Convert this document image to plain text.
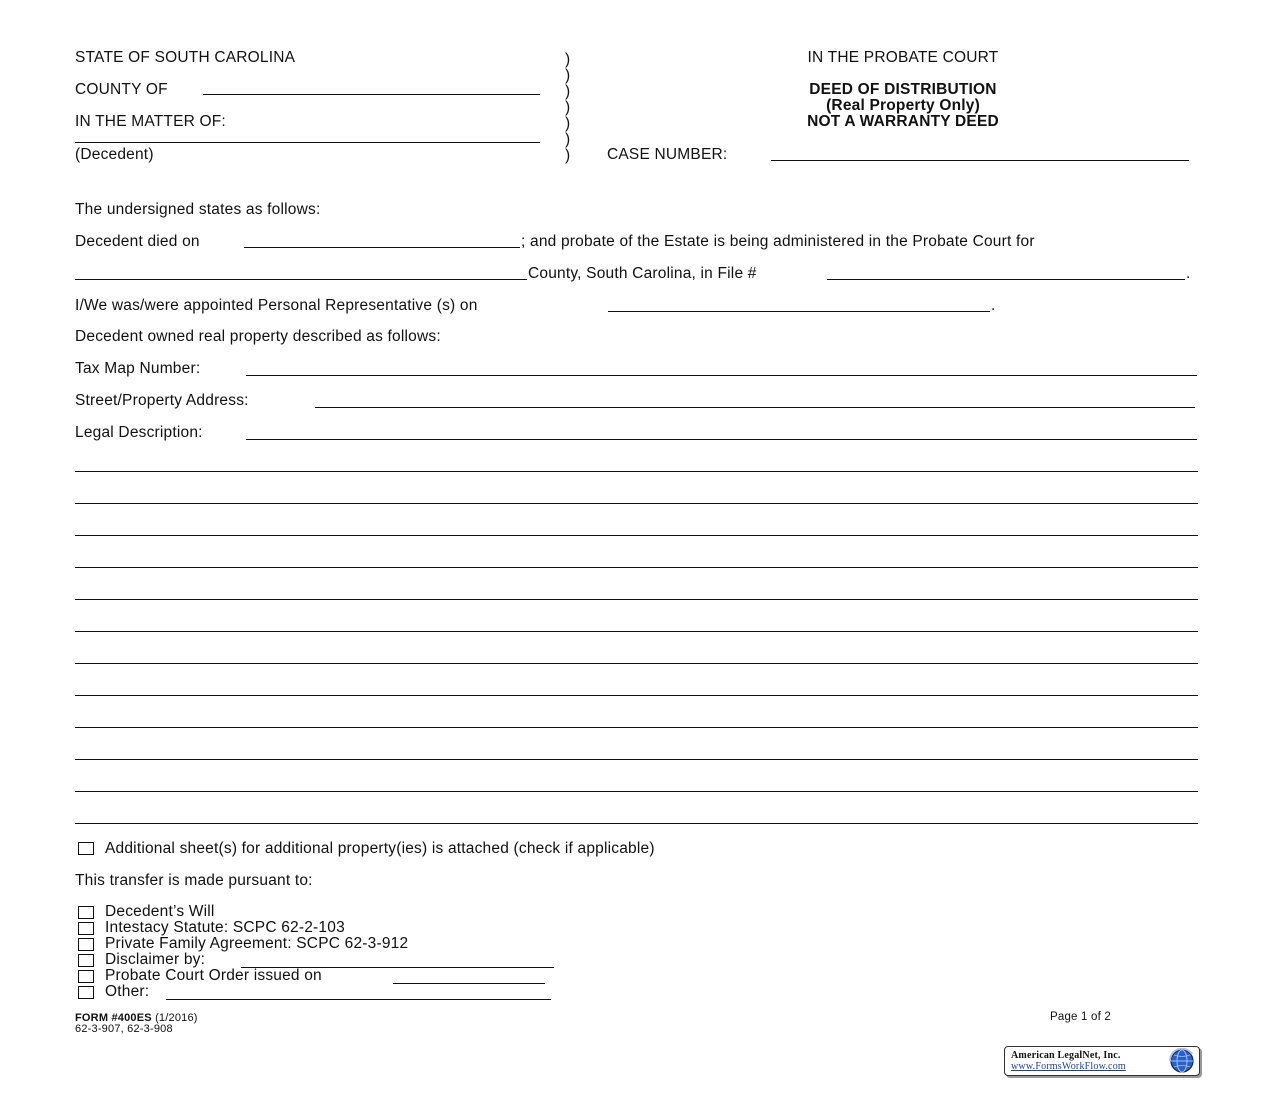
STATE OF SOUTH CAROLINA
COUNTY OF
IN THE MATTER OF:
(Decedent)
)
)
)
)
)
)
)
IN THE PROBATE COURT
DEED OF DISTRIBUTION
(Real Property Only)
NOT A WARRANTY DEED
CASE NUMBER:
The undersigned states as follows:
Decedent died on	; and probate of the Estate is being administered in the Probate Court for
County, South Carolina, in File #	.
I/We was/were appointed Personal Representative (s) on	.
Decedent owned real property described as follows:
Tax Map Number:
Street/Property Address:
Legal Description:
Additional sheet(s) for additional property(ies) is attached (check if applicable)
This transfer is made pursuant to:
Decedent’s Will
Intestacy Statute: SCPC 62-2-103
Private Family Agreement: SCPC 62-3-912
Disclaimer by:
Probate Court Order issued on
Other:
FORM #400ES (1/2016)
62-3-907, 62-3-908
Page 1 of 2
American LegalNet, Inc.
www.FormsWorkFlow.com
